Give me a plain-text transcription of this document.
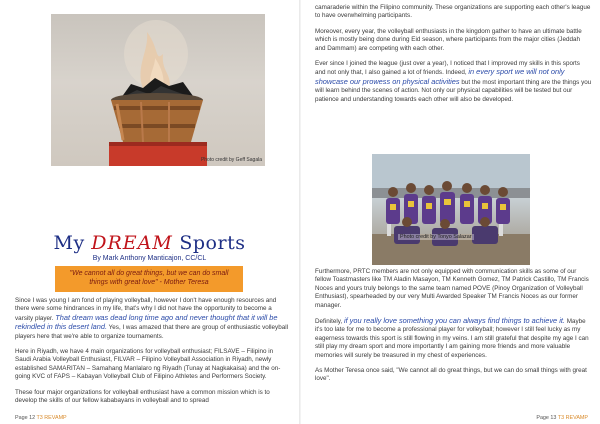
Photo credit by Geff Sagala
My DREAM Sports
By Mark Anthony Manticajon, CC/CL
"We cannot all do great things, but we can do small things with great love" - Mother Teresa

Since I was young I am fond of playing volleyball, however I don't have enough resources and there were some hindrances in my life, that's why I did not have the opportunity to become a varsity player. That dream was dead long time ago and never thought that it will be rekindled in this desert land. Yes, I was amazed that there are group of enthusiastic volleyball players here that we're able to organize tournaments.

Here in Riyadh, we have 4 main organizations for volleyball enthusiast; FILSAVE – Filipino in Saudi Arabia Volleyball Enthusiast, FILVAR – Filipino Volleyball Association in Riyadh, newly established SAMARITAN – Samahang Manlalaro ng Riyadh (Tunay at Nagkakaisa) and the on-going KVC of FAPS – Kabayan Volleyball Club of Filipino Athletes and Performers Society.

These four major organizations for volleyball enthusiast have a common mission which is to develop the skills of our fellow kababayans in volleyball and to spread

Page 12 T3 REVAMP

camaraderie within the Filipino community. These organizations are supporting each other's league to have overwhelming participants.

Moreover, every year, the volleyball enthusiasts in the kingdom gather to have an ultimate battle which is mostly being done during Eid season, where participants from the major cities (Jeddah and Dammam) are competing with each other.

Ever since I joined the league (just over a year), I noticed that I improved my skills in this sports and not only that, I also gained a lot of friends. Indeed, in every sport we will not only showcase our prowess on physical activities but the most important thing are the things you will learn behind the scenes of action. Not only our physical capabilities will be tested but our patience and understanding towards each other will also be developed.

Photo credit by Tonyo Salazar

Furthermore, PRTC members are not only equipped with communication skills as some of our fellow Toastmasters like TM Aladin Masayon, TM Kenneth Gomez, TM Patrick Castillo, TM Francis Noces and yours truly belongs to the same team named POVE (Pinoy Organization of Volleyball Enthusiast), spearheaded by our very Multi Awarded Speaker TM Francis Noces as our former manager.

Definitely, if you really love something you can always find things to achieve it. Maybe it's too late for me to become a professional player for volleyball; however I still feel lucky as my eagerness towards this sport is still flowing in my veins. I am still grateful that despite my age I can still play my dream sport and more importantly I am gaining more friends and more valuable memories will surely be treasured in my chest of experiences.

As Mother Teresa once said, "We cannot all do great things, but we can do small things with great love".

Page 13 T3 REVAMP
